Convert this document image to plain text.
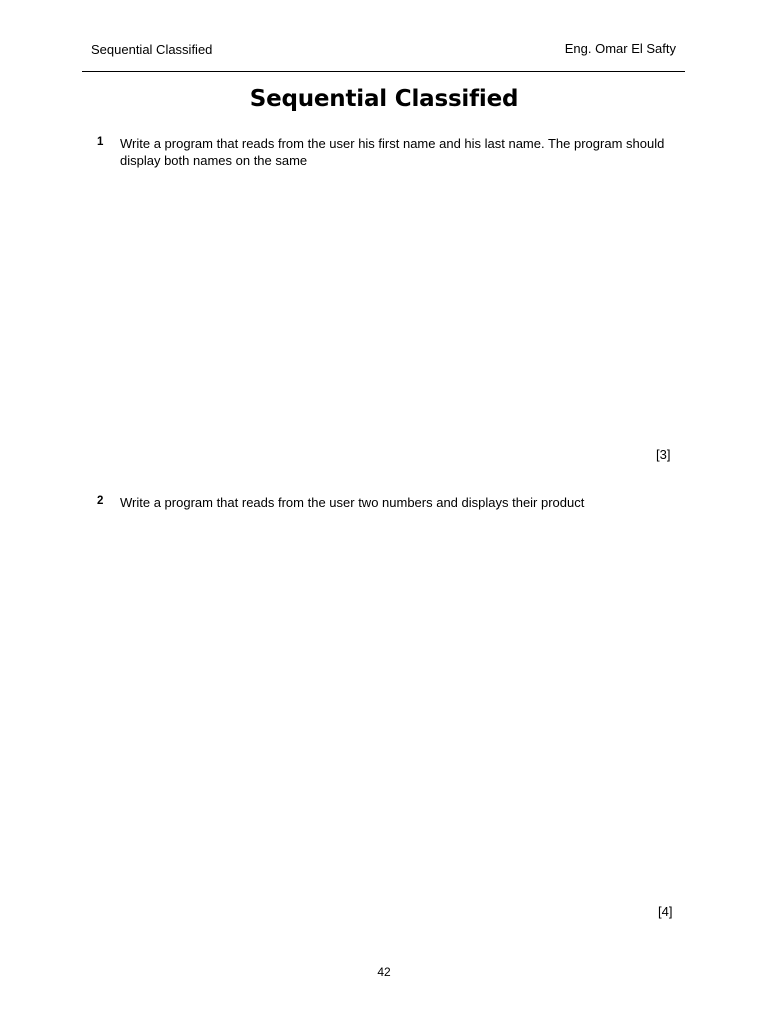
Sequential Classified	Eng. Omar El Safty
Sequential Classified
1 Write a program that reads from the user his first name and his last name. The program should display both names on the same
[3]
2 Write a program that reads from the user two numbers and displays their product
[4]
42
